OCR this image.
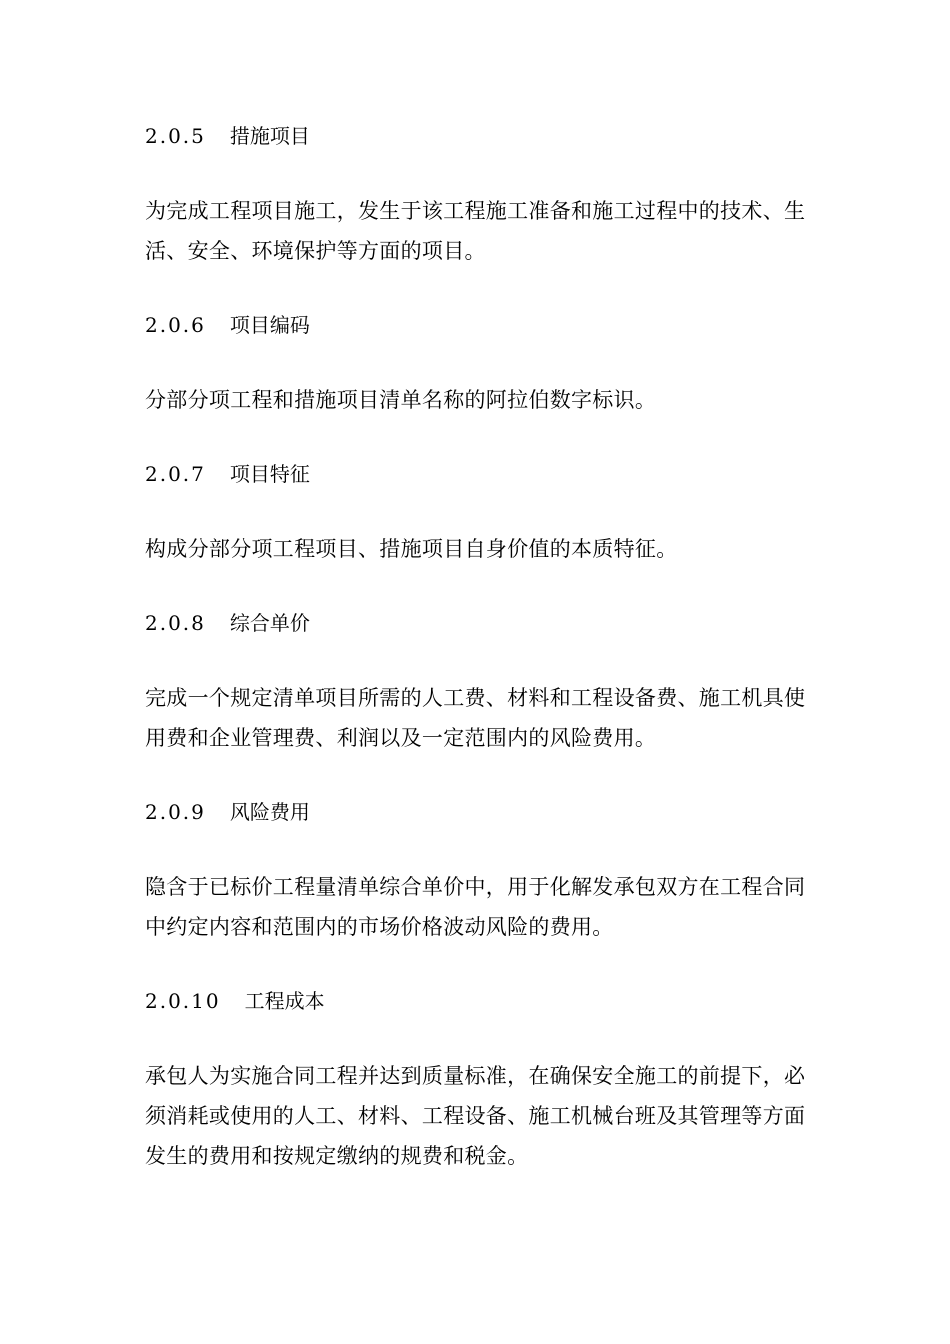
2.0.5 措施项目

为完成工程项目施工，发生于该工程施工准备和施工过程中的技术、生活、安全、环境保护等方面的项目。

2.0.6 项目编码

分部分项工程和措施项目清单名称的阿拉伯数字标识。

2.0.7 项目特征

构成分部分项工程项目、措施项目自身价值的本质特征。

2.0.8 综合单价

完成一个规定清单项目所需的人工费、材料和工程设备费、施工机具使用费和企业管理费、利润以及一定范围内的风险费用。

2.0.9 风险费用

隐含于已标价工程量清单综合单价中，用于化解发承包双方在工程合同中约定内容和范围内的市场价格波动风险的费用。

2.0.10 工程成本

承包人为实施合同工程并达到质量标准，在确保安全施工的前提下，必须消耗或使用的人工、材料、工程设备、施工机械台班及其管理等方面发生的费用和按规定缴纳的规费和税金。
